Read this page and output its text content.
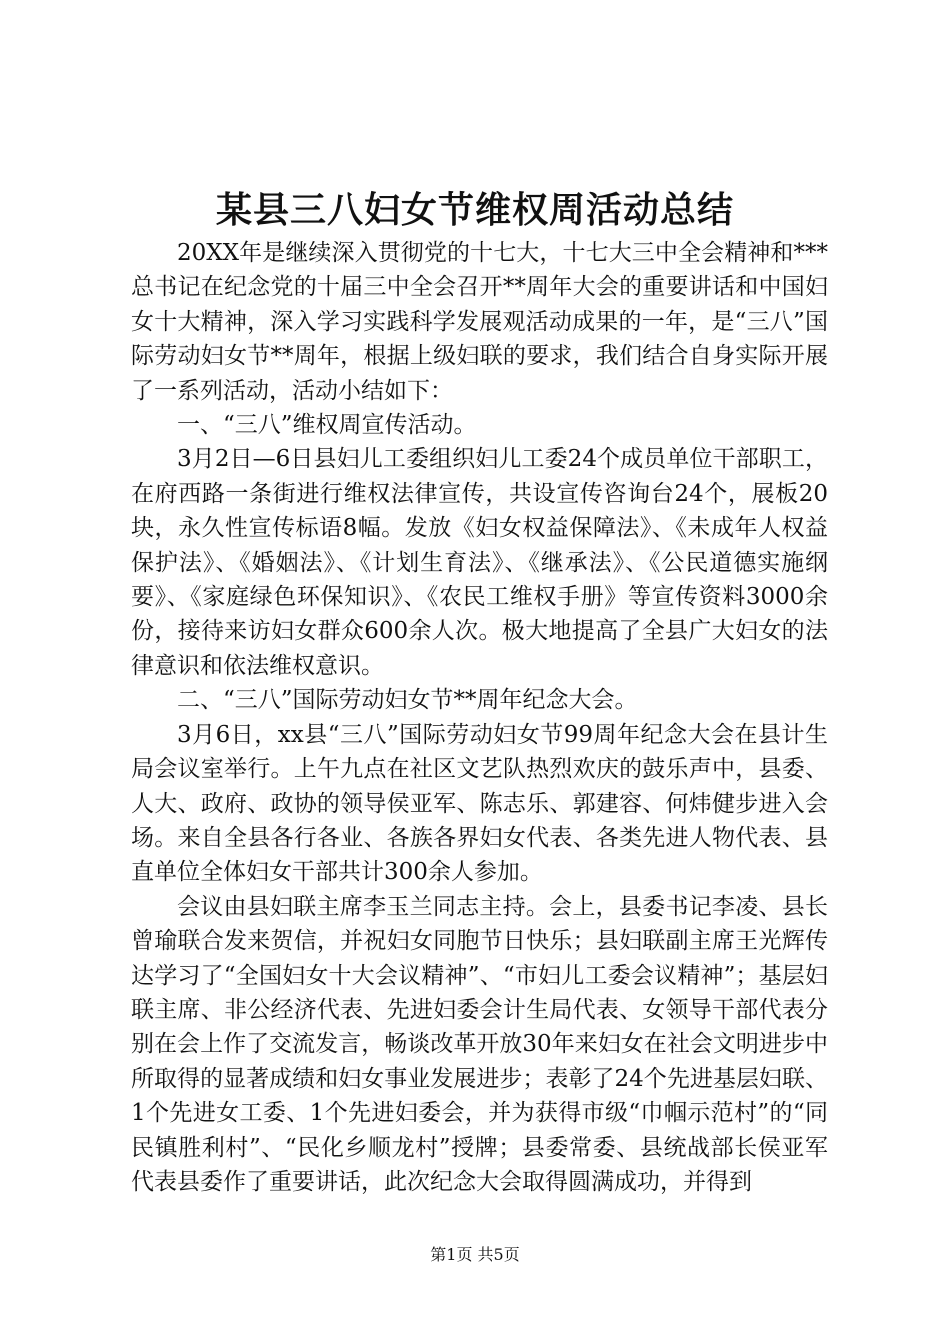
某县三八妇女节维权周活动总结

20XX年是继续深入贯彻党的十七大，十七大三中全会精神和***总书记在纪念党的十届三中全会召开**周年大会的重要讲话和中国妇女十大精神，深入学习实践科学发展观活动成果的一年，是“三八”国际劳动妇女节**周年，根据上级妇联的要求，我们结合自身实际开展了一系列活动，活动小结如下：

一、“三八”维权周宣传活动。

3月2日—6日县妇儿工委组织妇儿工委24个成员单位干部职工，在府西路一条街进行维权法律宣传，共设宣传咨询台24个，展板20块，永久性宣传标语8幅。发放《妇女权益保障法》、《未成年人权益保护法》、《婚姻法》、《计划生育法》、《继承法》、《公民道德实施纲要》、《家庭绿色环保知识》、《农民工维权手册》等宣传资料3000余份，接待来访妇女群众600余人次。极大地提高了全县广大妇女的法律意识和依法维权意识。

二、“三八”国际劳动妇女节**周年纪念大会。

3月6日，xx县“三八”国际劳动妇女节99周年纪念大会在县计生局会议室举行。上午九点在社区文艺队热烈欢庆的鼓乐声中，县委、人大、政府、政协的领导侯亚军、陈志乐、郭建容、何炜健步进入会场。来自全县各行各业、各族各界妇女代表、各类先进人物代表、县直单位全体妇女干部共计300余人参加。

会议由县妇联主席李玉兰同志主持。会上，县委书记李凌、县长曾瑜联合发来贺信，并祝妇女同胞节日快乐；县妇联副主席王光辉传达学习了“全国妇女十大会议精神”、“市妇儿工委会议精神”；基层妇联主席、非公经济代表、先进妇委会计生局代表、女领导干部代表分别在会上作了交流发言，畅谈改革开放30年来妇女在社会文明进步中所取得的显著成绩和妇女事业发展进步；表彰了24个先进基层妇联、1个先进女工委、1个先进妇委会，并为获得市级“巾帼示范村”的“同民镇胜利村”、“民化乡顺龙村”授牌；县委常委、县统战部长侯亚军代表县委作了重要讲话，此次纪念大会取得圆满成功，并得到

第1页 共5页
